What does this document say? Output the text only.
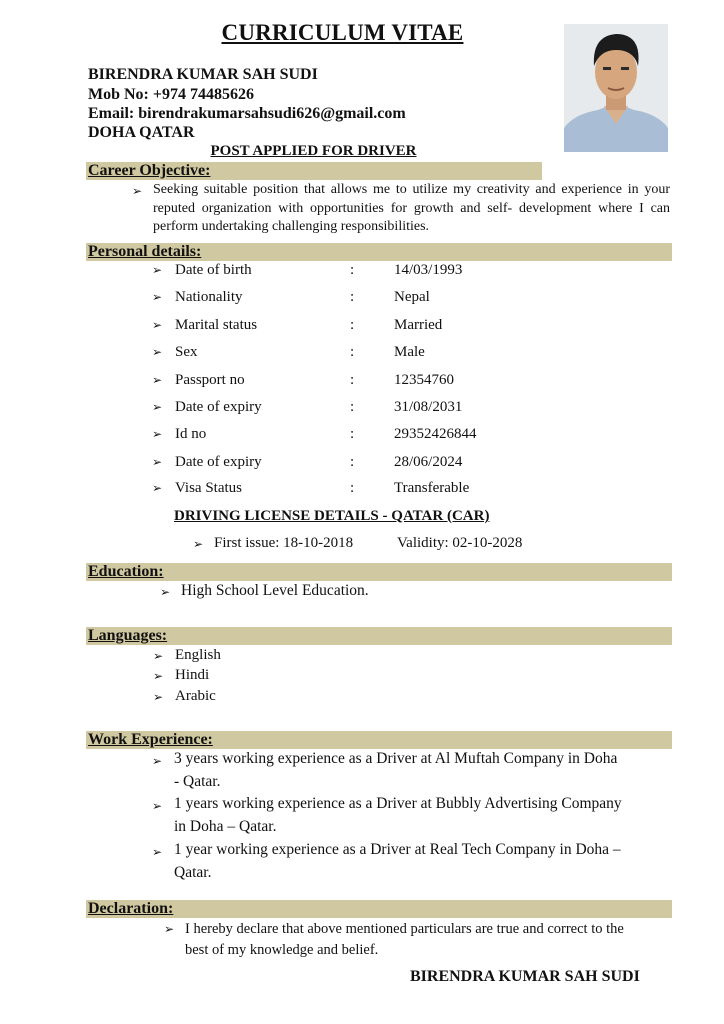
CURRICULUM VITAE
BIRENDRA KUMAR SAH SUDI
Mob No: +974 74485626
Email: birendrakumarsahsudi626@gmail.com
DOHA QATAR
POST APPLIED FOR DRIVER
Career Objective:
➢ Seeking suitable position that allows me to utilize my creativity and experience in your reputed organization with opportunities for growth and self- development where I can perform undertaking challenging responsibilities.
Personal details:
➢ Date of birth	:	14/03/1993
➢ Nationality	:	Nepal
➢ Marital status	:	Married
➢ Sex	:	Male
➢ Passport no	:	12354760
➢ Date of expiry	:	31/08/2031
➢ Id no	:	29352426844
➢ Date of expiry	:	28/06/2024
➢ Visa Status	:	Transferable
DRIVING LICENSE DETAILS - QATAR (CAR)
➢ First issue: 18-10-2018	Validity: 02-10-2028
Education:
➢ High School Level Education.
Languages:
➢ English
➢ Hindi
➢ Arabic
Work Experience:
➢ 3 years working experience as a Driver at Al Muftah Company in Doha
- Qatar.
➢ 1 years working experience as a Driver at Bubbly Advertising Company
in Doha – Qatar.
➢ 1 year working experience as a Driver at Real Tech Company in Doha –
Qatar.
Declaration:
➢ I hereby declare that above mentioned particulars are true and correct to the
best of my knowledge and belief.
BIRENDRA KUMAR SAH SUDI
